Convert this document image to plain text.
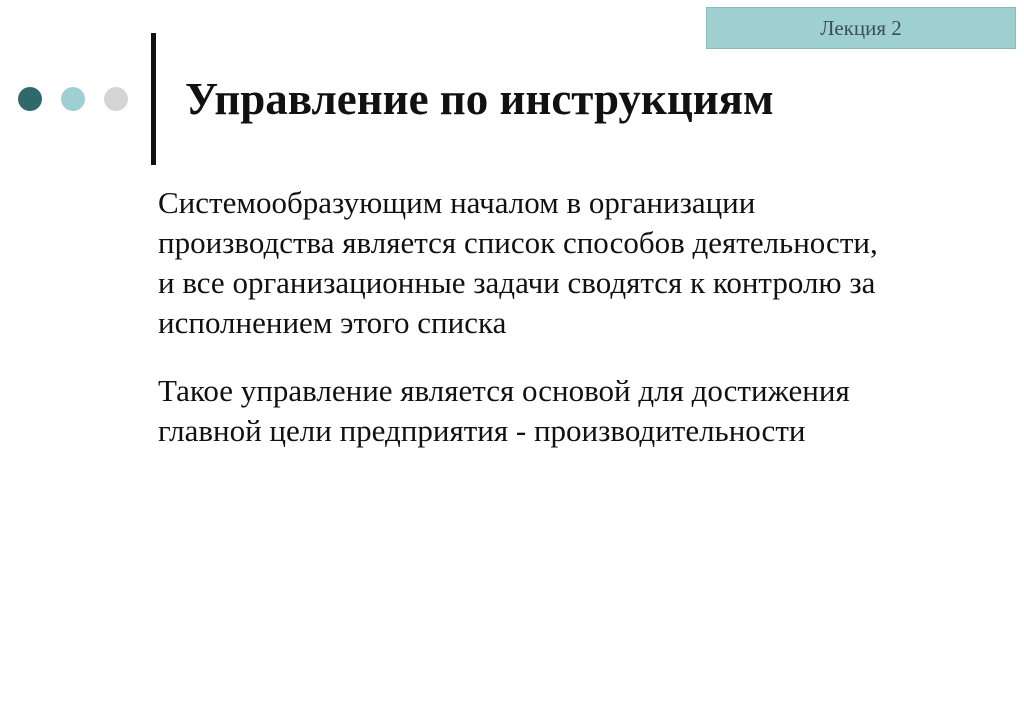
Лекция 2
Управление по инструкциям

Системообразующим началом в организации
производства является список способов деятельности,
и все организационные задачи сводятся к контролю за
исполнением этого списка

Такое управление является основой для достижения
главной цели предприятия - производительности
